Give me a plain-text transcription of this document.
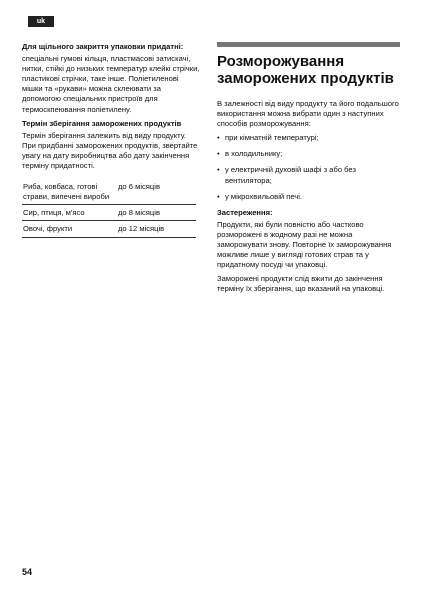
uk

Для щільного закриття упаковки придатні:

спеціальні гумові кільця, пластмасові затискачі, нитки, стійкі до низьких температур клейкі стрічки, пластикові стрічки, таке інше. Поліетиленові мішки та «рукави» можна склеювати за допомогою спеціальних пристроїв для термоскпеювання поліетилену.

Термін зберігання заморожених продуктів

Термін зберігання залежить від виду продукту. При придбанні заморожених продуктів, звертайте увагу на дату виробництва або дату закінчення терміну придатності.

Риба, ковбаса, готові страви, випечені вироби	до 6 місяців
Сир, птиця, м'ясо	до 8 місяців
Овочі, фрукти	до 12 місяців
Розморожування заморожених продуктів

В залежності від виду продукту та його подальшого використання можна вибрати один з наступних способів розморожування:

• при кімнатній температурі;
• в холодильнику;
• у електричній духовій шафі з або без вентилятора;
• у мікрохвильовій печі.

Застереження:

Продукти, які були повністю або частково розморожені в жодному разі не можна заморожувати знову. Повторне їх заморожування можливе лише у вигляді готових страв та у придатному посуді чи упаковці.

Заморожені продукти слід вжити до закінчення терміну їх зберігання, що вказаний на упаковці.

54
